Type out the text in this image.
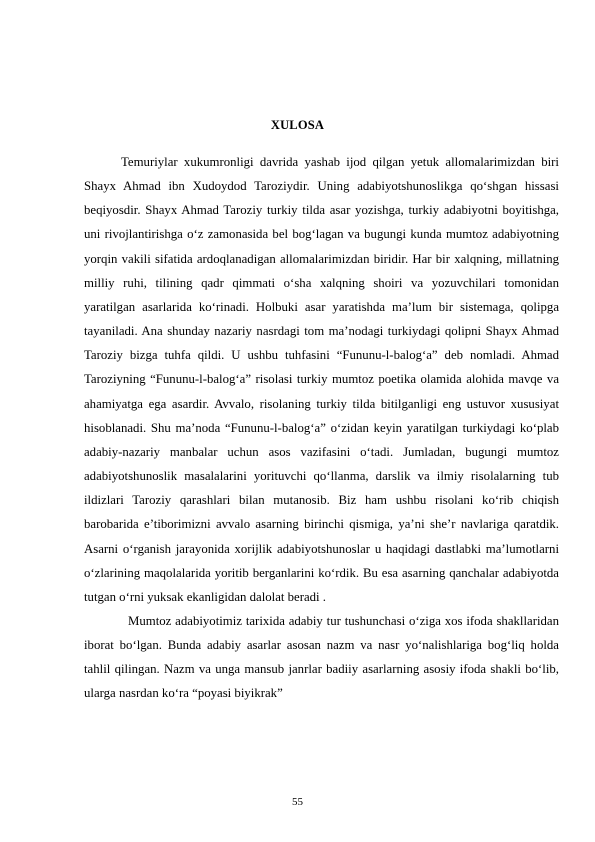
XULOSA

Temuriylar xukumronligi davrida yashab ijod qilgan yetuk allomalarimizdan biri Shayx Ahmad ibn Xudoydod Taroziydir. Uning adabiyotshunoslikga qo‘shgan hissasi beqiyosdir. Shayx Ahmad Taroziy turkiy tilda asar yozishga, turkiy adabiyotni boyitishga, uni rivojlantirishga o‘z zamonasida bel bog‘lagan va bugungi kunda mumtoz adabiyotning yorqin vakili sifatida ardoqlanadigan allomalarimizdan biridir. Har bir xalqning, millatning milliy ruhi, tilining qadr qimmati o‘sha xalqning shoiri va yozuvchilari tomonidan yaratilgan asarlarida ko‘rinadi. Holbuki asar yaratishda ma’lum bir sistemaga, qolipga tayaniladi. Ana shunday nazariy nasrdagi tom ma’nodagi turkiydagi qolipni Shayx Ahmad Taroziy bizga tuhfa qildi. U ushbu tuhfasini “Fununu-l-balog‘a” deb nomladi. Ahmad Taroziyning “Fununu-l-balog‘a” risolasi turkiy mumtoz poetika olamida alohida mavqe va ahamiyatga ega asardir. Avvalo, risolaning turkiy tilda bitilganligi eng ustuvor xususiyat hisoblanadi. Shu ma’noda “Fununu-l-balog‘a” o‘zidan keyin yaratilgan turkiydagi ko‘plab adabiy-nazariy manbalar uchun asos vazifasini o‘tadi. Jumladan, bugungi mumtoz adabiyotshunoslik masalalarini yorituvchi qo‘llanma, darslik va ilmiy risolalarning tub ildizlari Taroziy qarashlari bilan mutanosib. Biz ham ushbu risolani ko‘rib chiqish barobarida e’tiborimizni avvalo asarning birinchi qismiga, ya’ni she’r navlariga qaratdik. Asarni o‘rganish jarayonida xorijlik adabiyotshunoslar u haqidagi dastlabki ma’lumotlarni o‘zlarining maqolalarida yoritib berganlarini ko‘rdik. Bu esa asarning qanchalar adabiyotda tutgan o‘rni yuksak ekanligidan dalolat beradi .

Mumtoz adabiyotimiz tarixida adabiy tur tushunchasi o‘ziga xos ifoda shakllaridan iborat bo‘lgan. Bunda adabiy asarlar asosan nazm va nasr yo‘nalishlariga bog‘liq holda tahlil qilingan. Nazm va unga mansub janrlar badiiy asarlarning asosiy ifoda shakli bo‘lib, ularga nasrdan ko‘ra “poyasi biyikrak”

55
